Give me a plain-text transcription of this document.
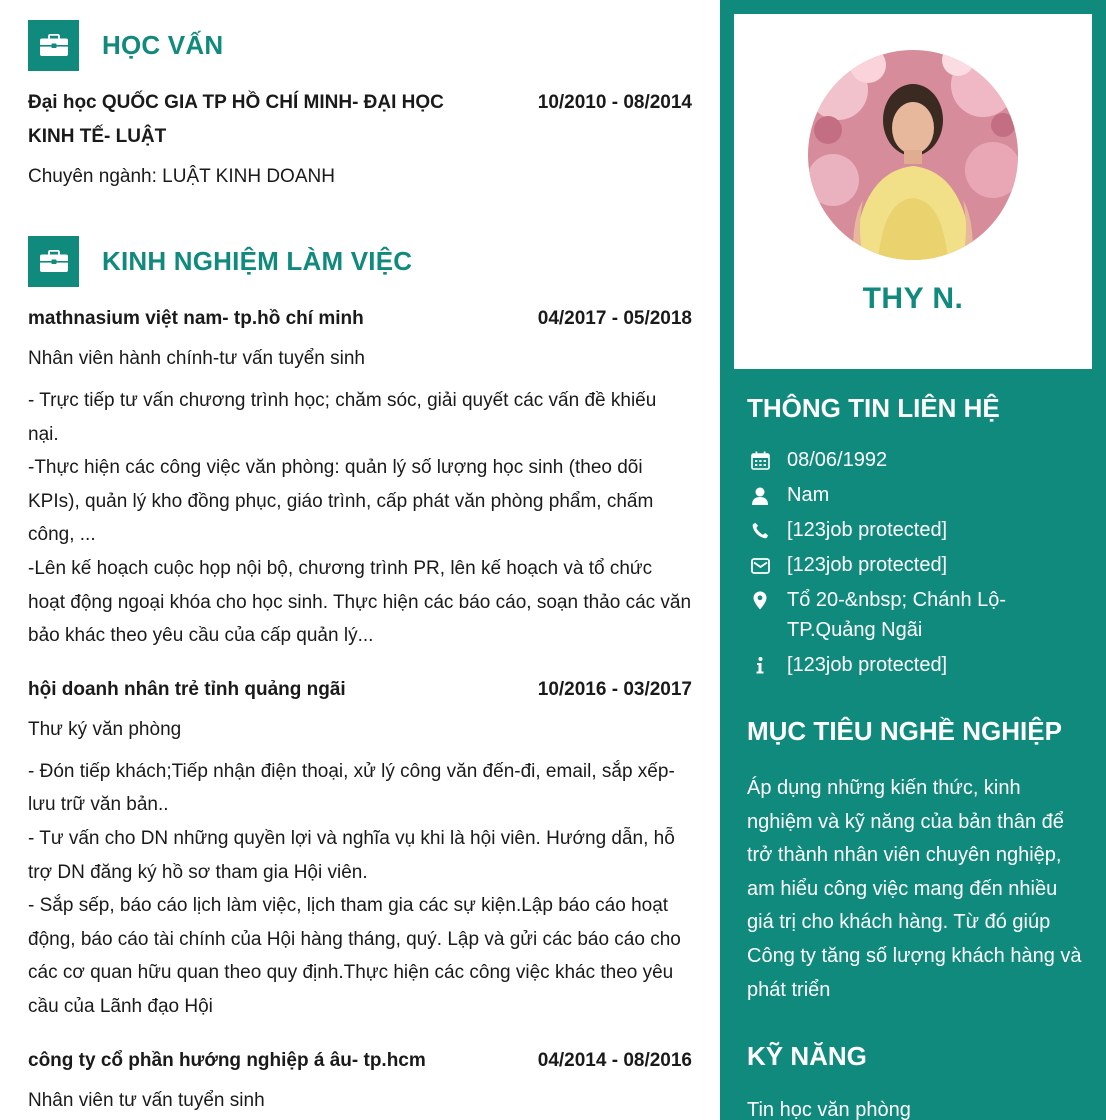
HỌC VẤN
Đại học QUỐC GIA TP HỒ CHÍ MINH- ĐẠI HỌC KINH TẾ- LUẬT
10/2010 - 08/2014
Chuyên ngành: LUẬT KINH DOANH
KINH NGHIỆM LÀM VIỆC
mathnasium việt nam- tp.hồ chí minh	04/2017 - 05/2018
Nhân viên hành chính-tư vấn tuyển sinh
- Trực tiếp tư vấn chương trình học; chăm sóc, giải quyết các vấn đề khiếu nại.
-Thực hiện các công việc văn phòng: quản lý số lượng học sinh (theo dõi KPIs), quản lý kho đồng phục, giáo trình, cấp phát văn phòng phẩm, chấm công, ...
-Lên kế hoạch cuộc họp nội bộ, chương trình PR, lên kế hoạch và tổ chức hoạt động ngoại khóa cho học sinh. Thực hiện các báo cáo, soạn thảo các văn bảo khác theo yêu cầu của cấp quản lý...
hội doanh nhân trẻ tỉnh quảng ngãi	10/2016 - 03/2017
Thư ký văn phòng
- Đón tiếp khách;Tiếp nhận điện thoại, xử lý công văn đến-đi, email, sắp xếp-lưu trữ văn bản..
- Tư vấn cho DN những quyền lợi và nghĩa vụ khi là hội viên. Hướng dẫn, hỗ trợ DN đăng ký hồ sơ tham gia Hội viên.
- Sắp sếp, báo cáo lịch làm việc, lịch tham gia các sự kiện.Lập báo cáo hoạt động, báo cáo tài chính của Hội hàng tháng, quý. Lập và gửi các báo cáo cho các cơ quan hữu quan theo quy định.Thực hiện các công việc khác theo yêu cầu của Lãnh đạo Hội
công ty cổ phần hướng nghiệp á âu- tp.hcm	04/2014 - 08/2016
Nhân viên tư vấn tuyển sinh
THY N.
THÔNG TIN LIÊN HỆ
08/06/1992
Nam
[123job protected]
[123job protected]
Tổ 20-&nbsp; Chánh Lộ- TP.Quảng Ngãi
[123job protected]
MỤC TIÊU NGHỀ NGHIỆP
Áp dụng những kiến thức, kinh nghiệm và kỹ năng của bản thân để trở thành nhân viên chuyên nghiệp, am hiểu công việc mang đến nhiều giá trị cho khách hàng. Từ đó giúp Công ty tăng số lượng khách hàng và phát triển
KỸ NĂNG
Tin học văn phòng
